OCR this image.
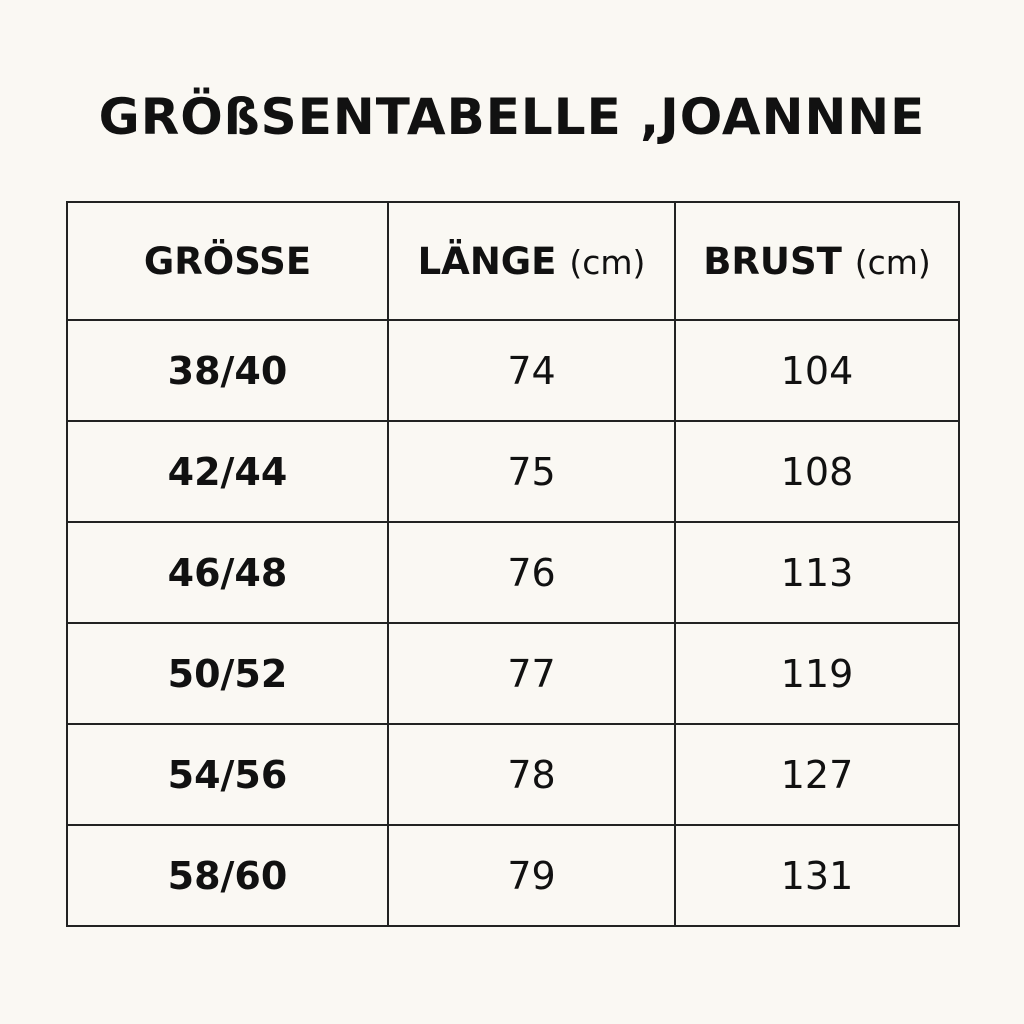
GRÖßSENTABELLE ,JOANNNE
GRÖSSE	LÄNGE (cm)	BRUST (cm)
38/40	74	104
42/44	75	108
46/48	76	113
50/52	77	119
54/56	78	127
58/60	79	131
